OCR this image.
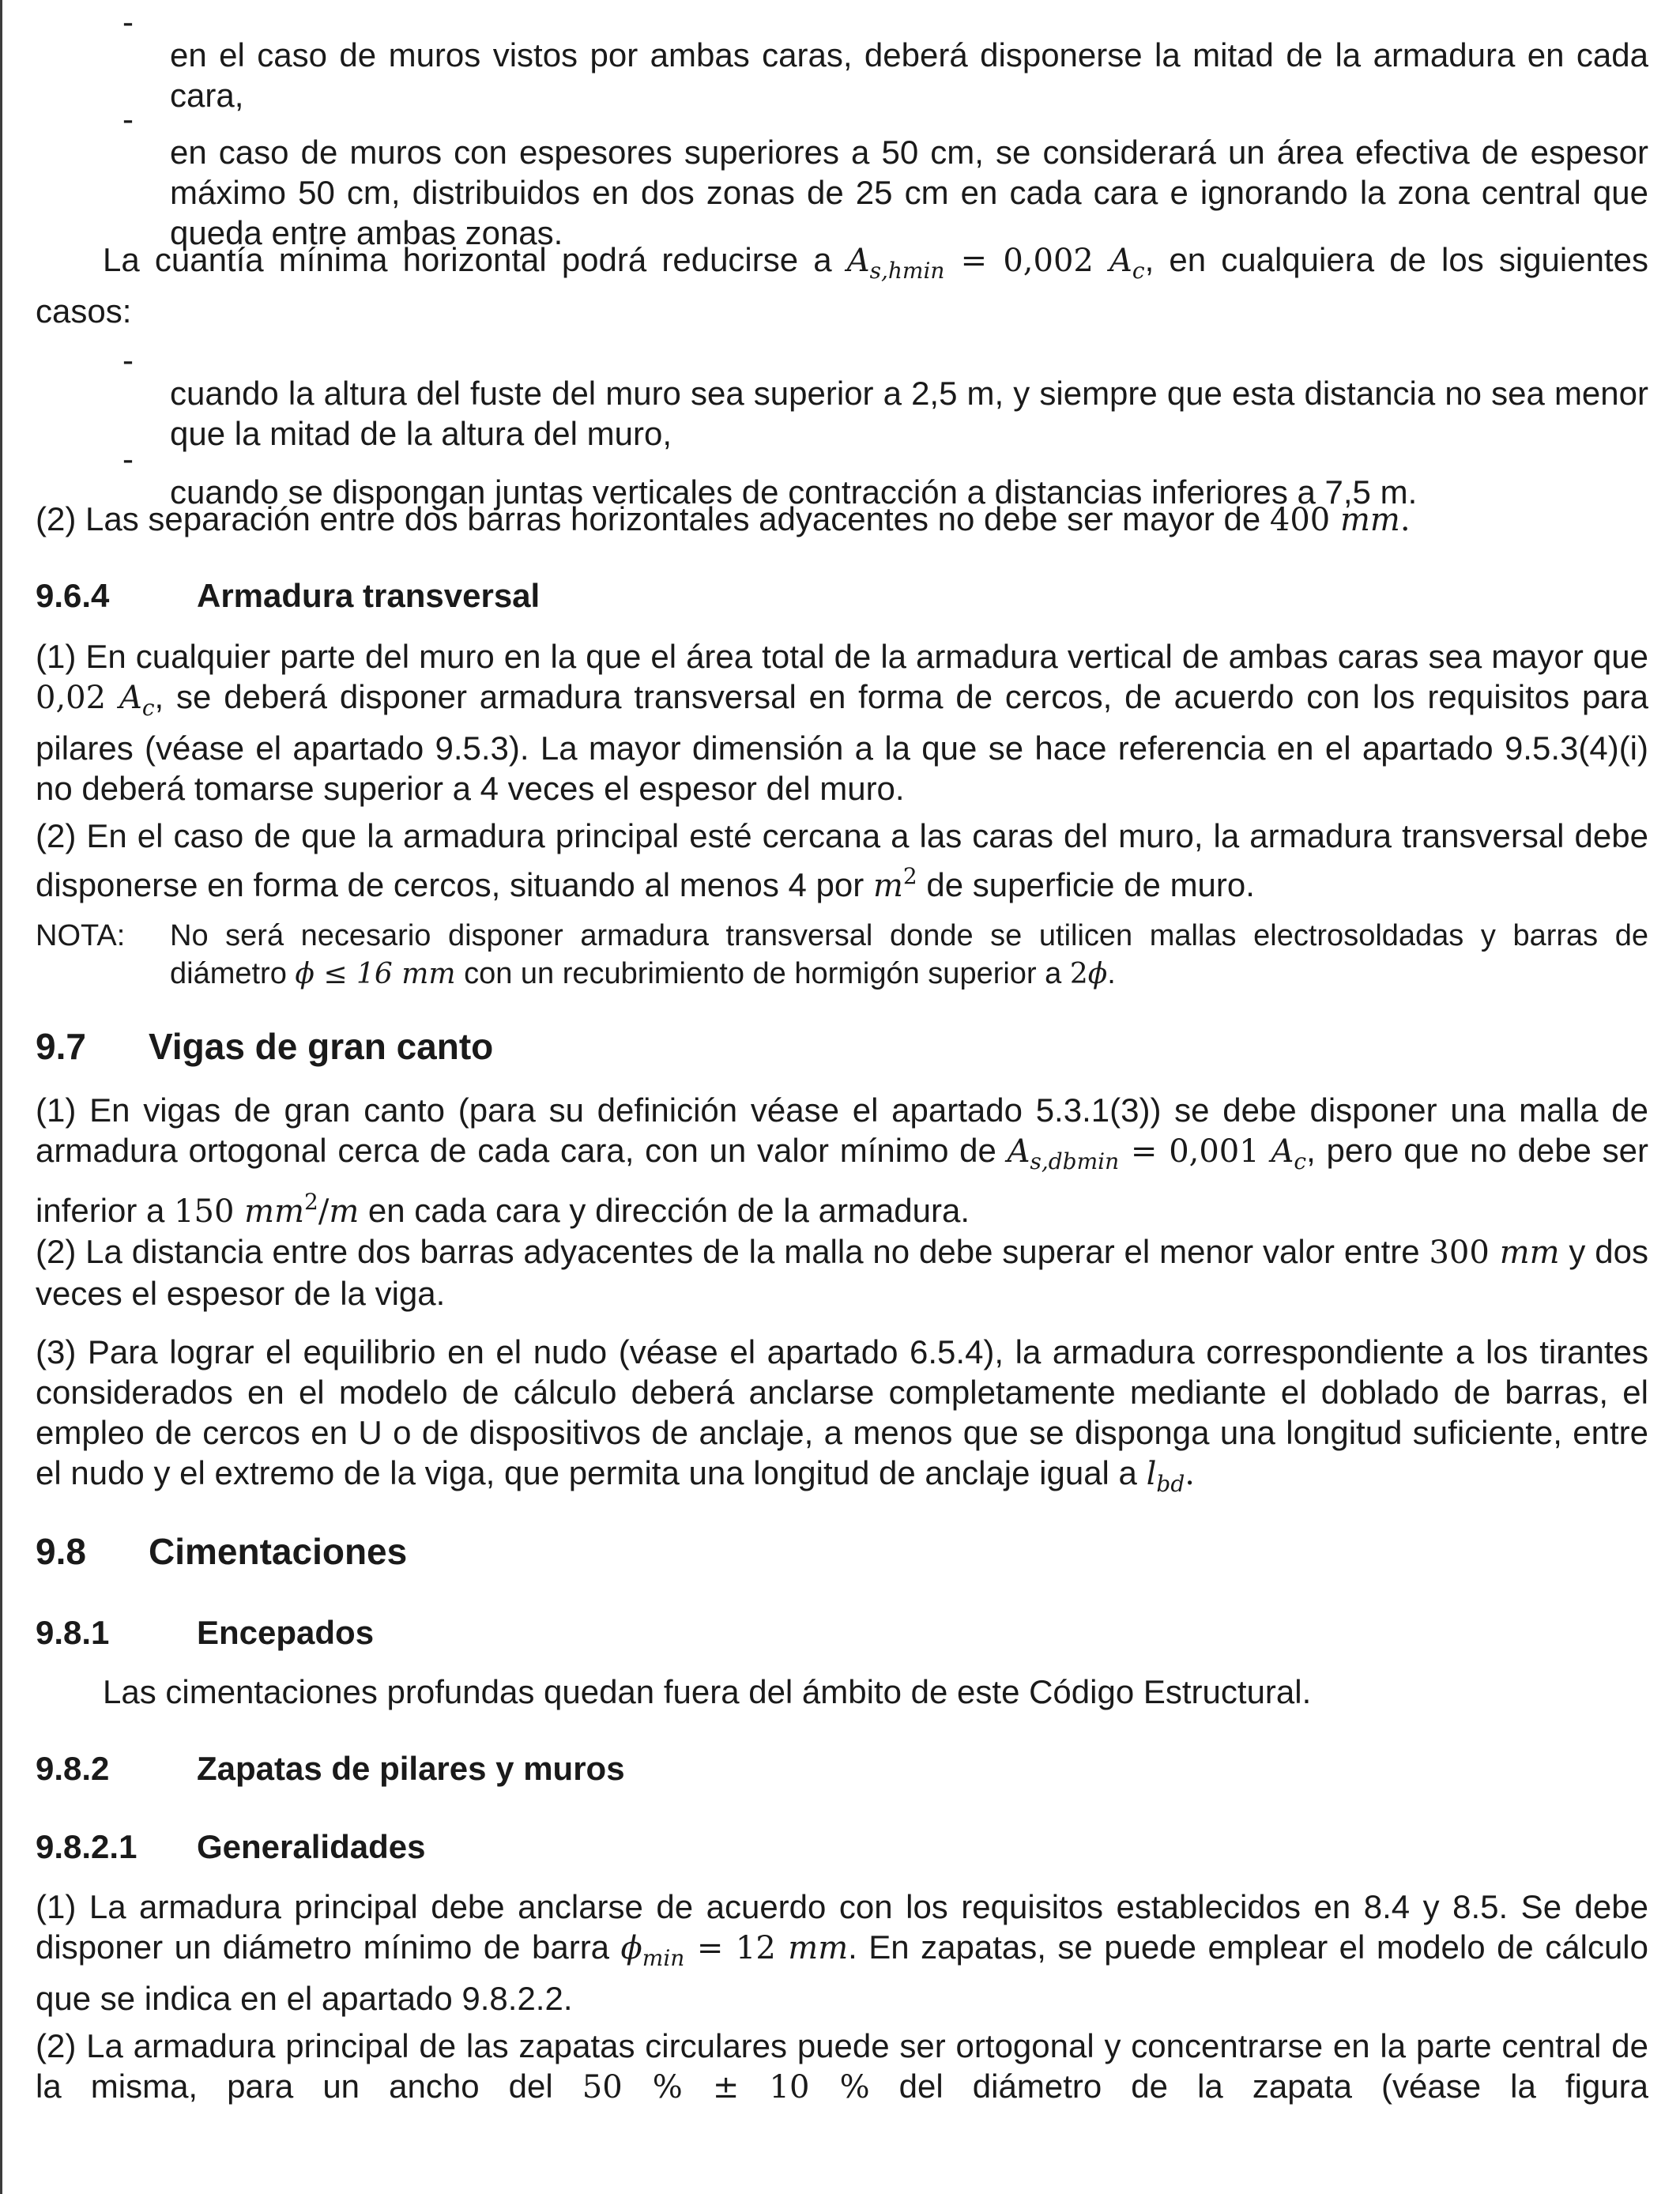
-

en el caso de muros vistos por ambas caras, deberá disponerse la mitad de la armadura en cada cara,

-

en caso de muros con espesores superiores a 50 cm, se considerará un área efectiva de espesor máximo 50 cm, distribuidos en dos zonas de 25 cm en cada cara e ignorando la zona central que queda entre ambas zonas.

La cuantía mínima horizontal podrá reducirse a $A_{s,hmin} = 0,002$ $A_c$, en cualquiera de los siguientes casos:

-

cuando la altura del fuste del muro sea superior a 2,5 m, y siempre que esta distancia no sea menor que la mitad de la altura del muro,

-

cuando se dispongan juntas verticales de contracción a distancias inferiores a 7,5 m.

(2) Las separación entre dos barras horizontales adyacentes no debe ser mayor de 400 mm.

9.6.4	Armadura transversal

(1) En cualquier parte del muro en la que el área total de la armadura vertical de ambas caras sea mayor que 0,02 $A_c$, se deberá disponer armadura transversal en forma de cercos, de acuerdo con los requisitos para pilares (véase el apartado 9.5.3). La mayor dimensión a la que se hace referencia en el apartado 9.5.3(4)(i) no deberá tomarse superior a 4 veces el espesor del muro.

(2) En el caso de que la armadura principal esté cercana a las caras del muro, la armadura transversal debe disponerse en forma de cercos, situando al menos 4 por $m^2$ de superficie de muro.

NOTA: No será necesario disponer armadura transversal donde se utilicen mallas electrosoldadas y barras de diámetro ϕ ≤ 16 mm con un recubrimiento de hormigón superior a 2ϕ.

9.7 Vigas de gran canto

(1) En vigas de gran canto (para su definición véase el apartado 5.3.1(3)) se debe disponer una malla de armadura ortogonal cerca de cada cara, con un valor mínimo de $A_{s,dbmin} = 0,001$ $A_c$, pero que no debe ser inferior a 150 $mm^2/m$ en cada cara y dirección de la armadura.

(2) La distancia entre dos barras adyacentes de la malla no debe superar el menor valor entre 300 mm y dos veces el espesor de la viga.

(3) Para lograr el equilibrio en el nudo (véase el apartado 6.5.4), la armadura correspondiente a los tirantes considerados en el modelo de cálculo deberá anclarse completamente mediante el doblado de barras, el empleo de cercos en U o de dispositivos de anclaje, a menos que se disponga una longitud suficiente, entre el nudo y el extremo de la viga, que permita una longitud de anclaje igual a $l_{bd}$.

9.8 Cimentaciones
9.8.1	Encepados

Las cimentaciones profundas quedan fuera del ámbito de este Código Estructural.

9.8.2	Zapatas de pilares y muros
9.8.2.1 Generalidades

(1) La armadura principal debe anclarse de acuerdo con los requisitos establecidos en 8.4 y 8.5. Se debe disponer un diámetro mínimo de barra $\phi_{min} = 12$ mm. En zapatas, se puede emplear el modelo de cálculo que se indica en el apartado 9.8.2.2.

(2) La armadura principal de las zapatas circulares puede ser ortogonal y concentrarse en la parte central de la misma, para un ancho del 50 % ± 10 % del diámetro de la zapata (véase la figura
